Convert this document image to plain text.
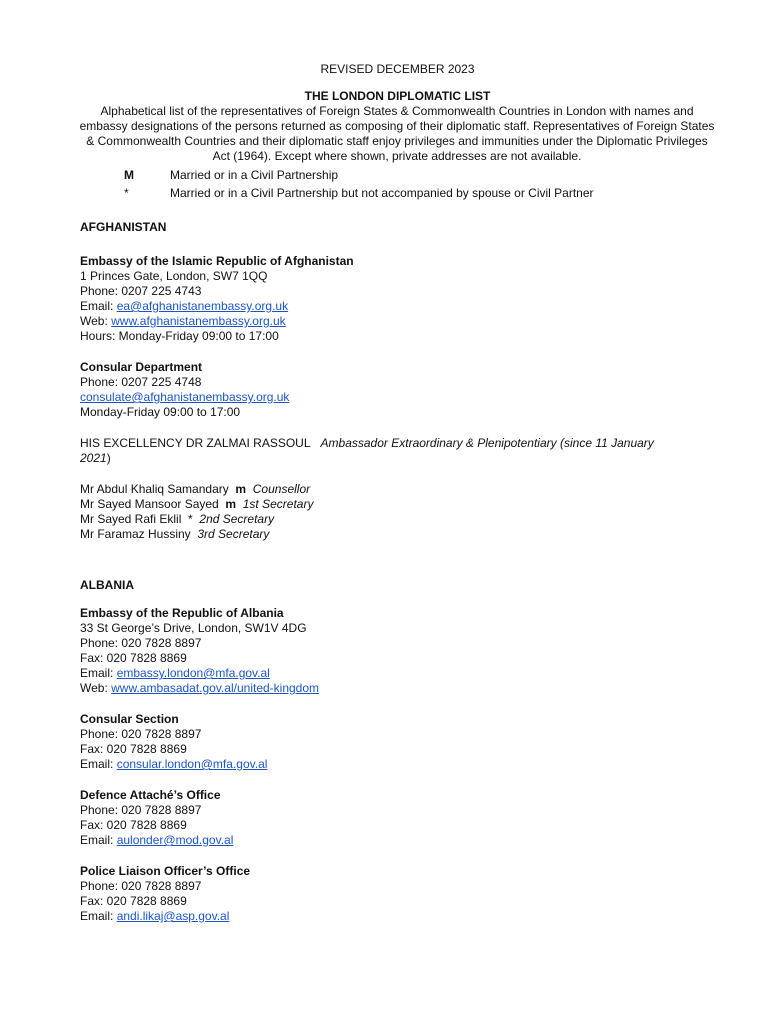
REVISED DECEMBER 2023
THE LONDON DIPLOMATIC LIST
Alphabetical list of the representatives of Foreign States & Commonwealth Countries in London with names and embassy designations of the persons returned as composing of their diplomatic staff. Representatives of Foreign States & Commonwealth Countries and their diplomatic staff enjoy privileges and immunities under the Diplomatic Privileges Act (1964). Except where shown, private addresses are not available.
M	Married or in a Civil Partnership
*	Married or in a Civil Partnership but not accompanied by spouse or Civil Partner
AFGHANISTAN
Embassy of the Islamic Republic of Afghanistan
1 Princes Gate, London, SW7 1QQ
Phone: 0207 225 4743
Email: ea@afghanistanembassy.org.uk
Web: www.afghanistanembassy.org.uk
Hours: Monday-Friday 09:00 to 17:00
Consular Department
Phone: 0207 225 4748
consulate@afghanistanembassy.org.uk
Monday-Friday 09:00 to 17:00
HIS EXCELLENCY DR ZALMAI RASSOUL Ambassador Extraordinary & Plenipotentiary (since 11 January
2021)
Mr Abdul Khaliq Samandary m Counsellor
Mr Sayed Mansoor Sayed m 1st Secretary
Mr Sayed Rafi Eklil * 2nd Secretary
Mr Faramaz Hussiny 3rd Secretary
ALBANIA
Embassy of the Republic of Albania
33 St George’s Drive, London, SW1V 4DG
Phone: 020 7828 8897
Fax: 020 7828 8869
Email: embassy.london@mfa.gov.al
Web: www.ambasadat.gov.al/united-kingdom
Consular Section
Phone: 020 7828 8897
Fax: 020 7828 8869
Email: consular.london@mfa.gov.al
Defence Attaché’s Office
Phone: 020 7828 8897
Fax: 020 7828 8869
Email: aulonder@mod.gov.al
Police Liaison Officer’s Office
Phone: 020 7828 8897
Fax: 020 7828 8869
Email: andi.likaj@asp.gov.al
